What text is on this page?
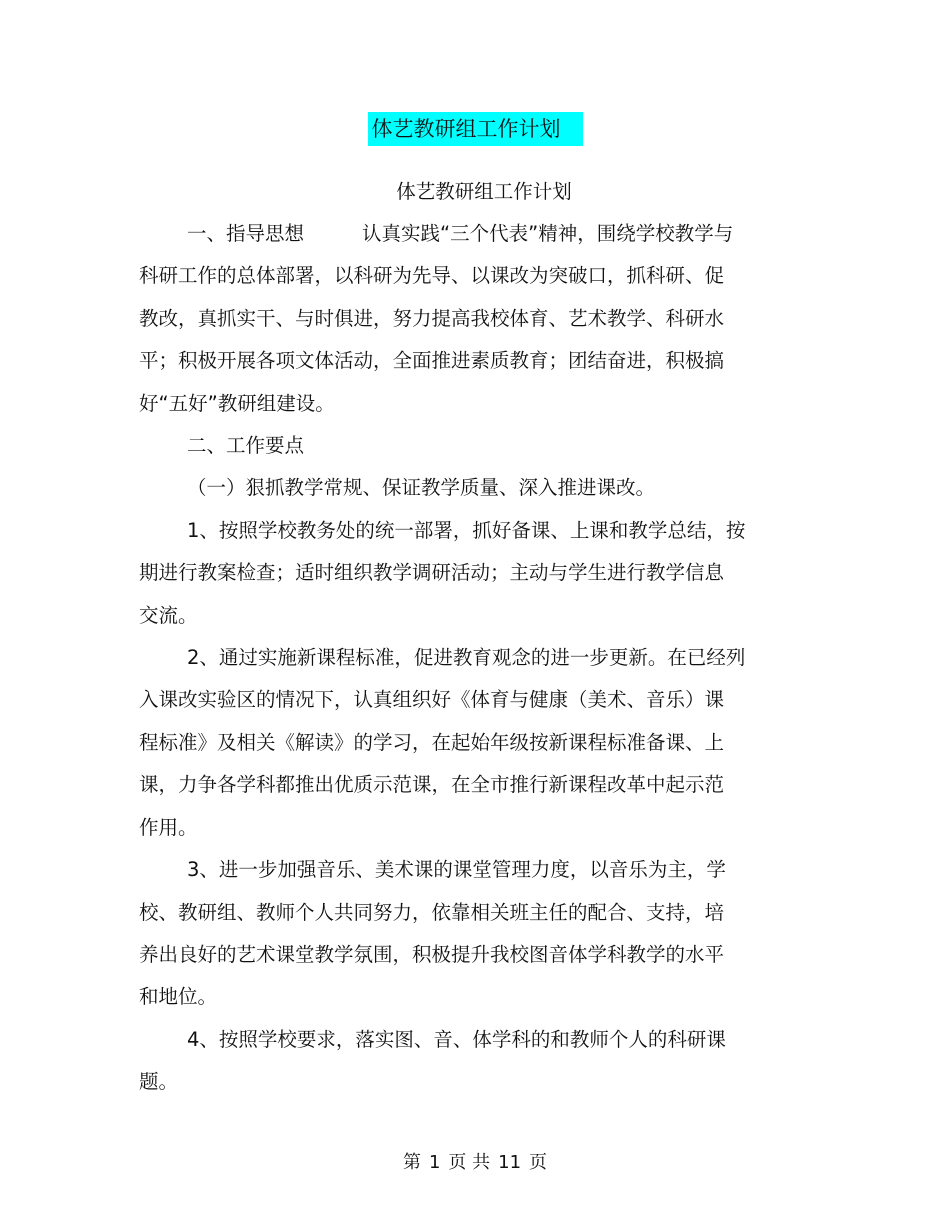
体艺教研组工作计划
体艺教研组工作计划
一、指导思想	认真实践“三个代表”精神，围绕学校教学与
科研工作的总体部署，以科研为先导、以课改为突破口，抓科研、促
教改，真抓实干、与时俱进，努力提高我校体育、艺术教学、科研水
平；积极开展各项文体活动，全面推进素质教育；团结奋进，积极搞
好“五好”教研组建设。
二、工作要点
（一）狠抓教学常规、保证教学质量、深入推进课改。
1、按照学校教务处的统一部署，抓好备课、上课和教学总结，按
期进行教案检查；适时组织教学调研活动；主动与学生进行教学信息
交流。
2、通过实施新课程标准，促进教育观念的进一步更新。在已经列
入课改实验区的情况下，认真组织好《体育与健康（美术、音乐）课
程标准》及相关《解读》的学习，在起始年级按新课程标准备课、上
课，力争各学科都推出优质示范课，在全市推行新课程改革中起示范
作用。
3、进一步加强音乐、美术课的课堂管理力度，以音乐为主，学
校、教研组、教师个人共同努力，依靠相关班主任的配合、支持，培
养出良好的艺术课堂教学氛围，积极提升我校图音体学科教学的水平
和地位。
4、按照学校要求，落实图、音、体学科的和教师个人的科研课
题。
第 1 页 共 11 页
